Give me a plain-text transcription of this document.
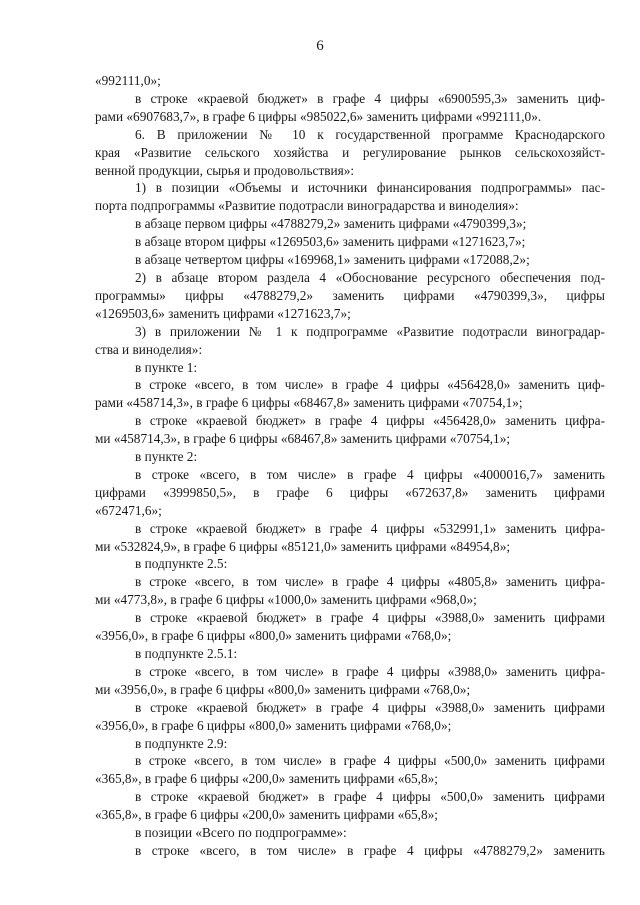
6
«992111,0»;
в строке «краевой бюджет» в графе 4 цифры «6900595,3» заменить циф-
рами «6907683,7», в графе 6 цифры «985022,6» заменить цифрами «992111,0».
6. В приложении № 10 к государственной программе Краснодарского
края «Развитие сельского хозяйства и регулирование рынков сельскохозяйст-
венной продукции, сырья и продовольствия»:
1) в позиции «Объемы и источники финансирования подпрограммы» пас-
порта подпрограммы «Развитие подотрасли виноградарства и виноделия»:
в абзаце первом цифры «4788279,2» заменить цифрами «4790399,3»;
в абзаце втором цифры «1269503,6» заменить цифрами «1271623,7»;
в абзаце четвертом цифры «169968,1» заменить цифрами «172088,2»;
2) в абзаце втором раздела 4 «Обоснование ресурсного обеспечения под-
программы» цифры «4788279,2» заменить цифрами «4790399,3», цифры
«1269503,6» заменить цифрами «1271623,7»;
3) в приложении № 1 к подпрограмме «Развитие подотрасли виноградар-
ства и виноделия»:
в пункте 1:
в строке «всего, в том числе» в графе 4 цифры «456428,0» заменить циф-
рами «458714,3», в графе 6 цифры «68467,8» заменить цифрами «70754,1»;
в строке «краевой бюджет» в графе 4 цифры «456428,0» заменить цифра-
ми «458714,3», в графе 6 цифры «68467,8» заменить цифрами «70754,1»;
в пункте 2:
в строке «всего, в том числе» в графе 4 цифры «4000016,7» заменить
цифрами «3999850,5», в графе 6 цифры «672637,8» заменить цифрами
«672471,6»;
в строке «краевой бюджет» в графе 4 цифры «532991,1» заменить цифра-
ми «532824,9», в графе 6 цифры «85121,0» заменить цифрами «84954,8»;
в подпункте 2.5:
в строке «всего, в том числе» в графе 4 цифры «4805,8» заменить цифра-
ми «4773,8», в графе 6 цифры «1000,0» заменить цифрами «968,0»;
в строке «краевой бюджет» в графе 4 цифры «3988,0» заменить цифрами
«3956,0», в графе 6 цифры «800,0» заменить цифрами «768,0»;
в подпункте 2.5.1:
в строке «всего, в том числе» в графе 4 цифры «3988,0» заменить цифра-
ми «3956,0», в графе 6 цифры «800,0» заменить цифрами «768,0»;
в строке «краевой бюджет» в графе 4 цифры «3988,0» заменить цифрами
«3956,0», в графе 6 цифры «800,0» заменить цифрами «768,0»;
в подпункте 2.9:
в строке «всего, в том числе» в графе 4 цифры «500,0» заменить цифрами
«365,8», в графе 6 цифры «200,0» заменить цифрами «65,8»;
в строке «краевой бюджет» в графе 4 цифры «500,0» заменить цифрами
«365,8», в графе 6 цифры «200,0» заменить цифрами «65,8»;
в позиции «Всего по подпрограмме»:
в строке «всего, в том числе» в графе 4 цифры «4788279,2» заменить
